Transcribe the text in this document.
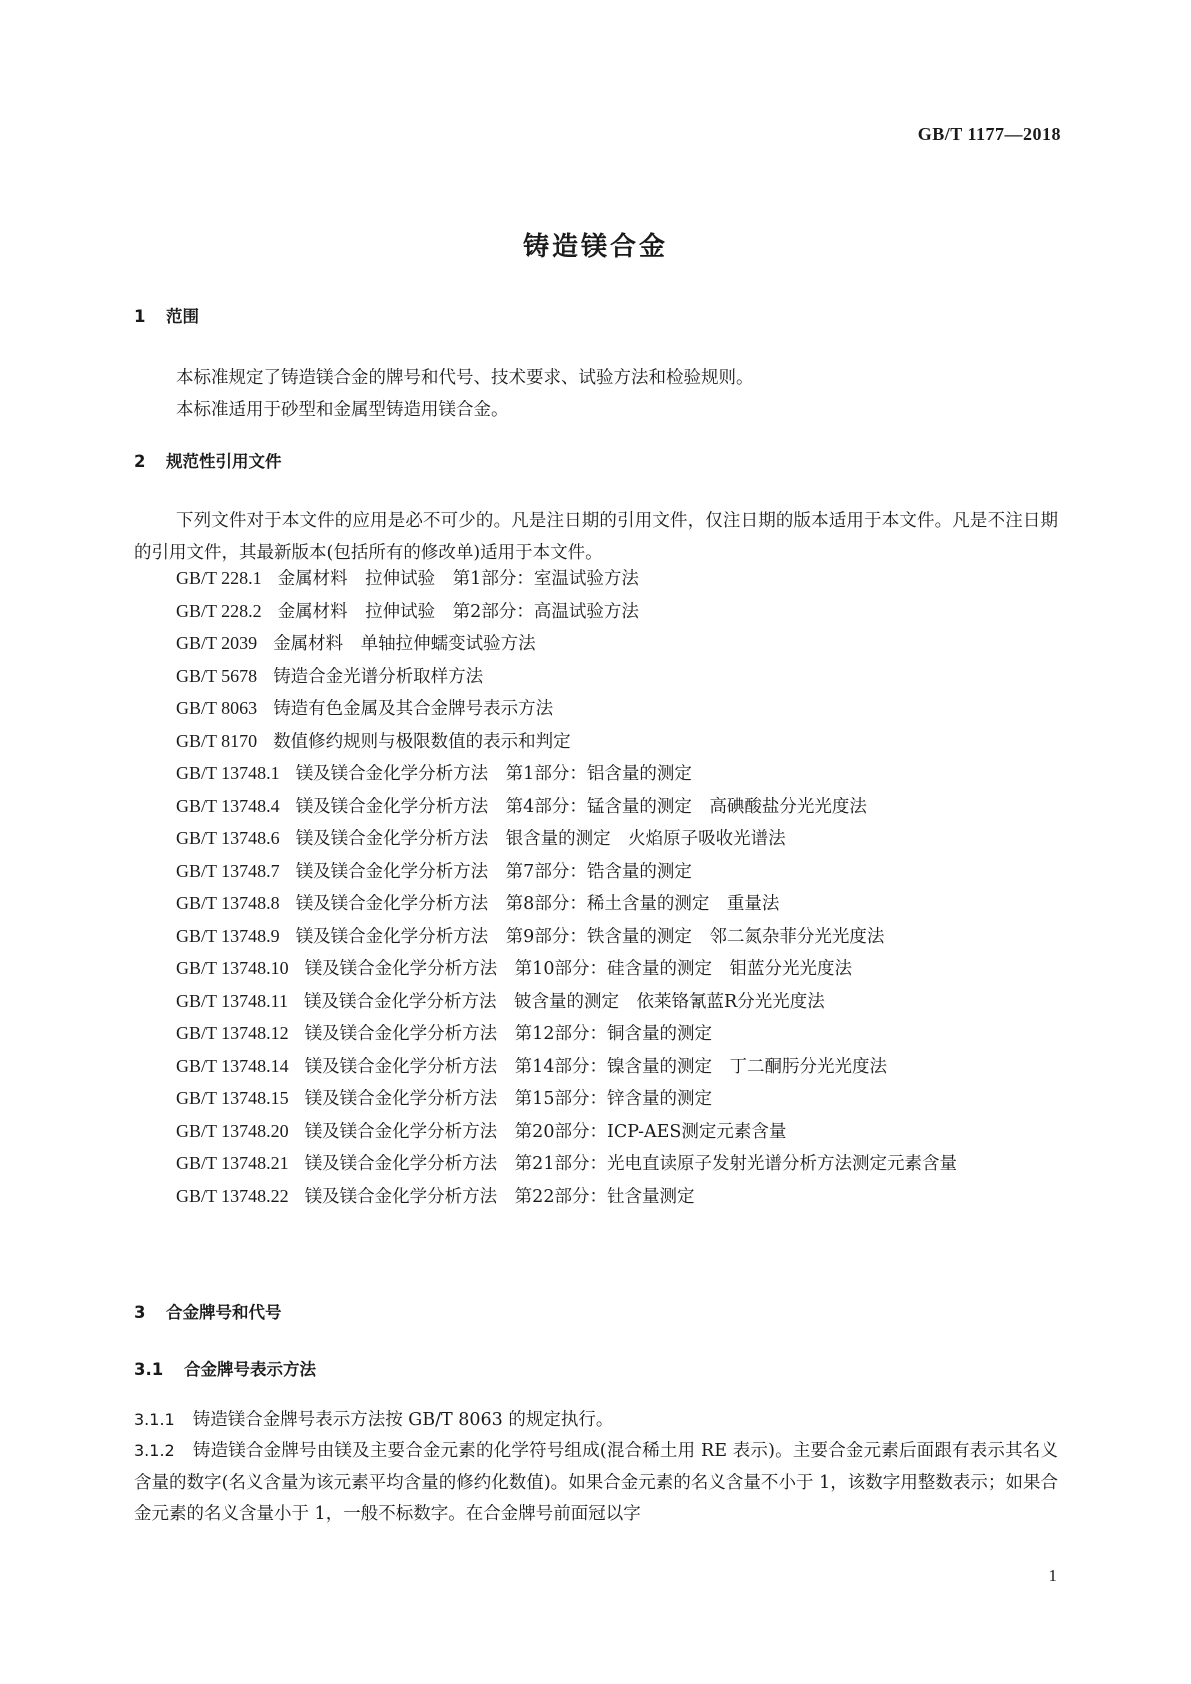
GB/T 1177—2018
铸造镁合金
1 范围
本标准规定了铸造镁合金的牌号和代号、技术要求、试验方法和检验规则。
本标准适用于砂型和金属型铸造用镁合金。
2 规范性引用文件
下列文件对于本文件的应用是必不可少的。凡是注日期的引用文件，仅注日期的版本适用于本文件。凡是不注日期的引用文件，其最新版本(包括所有的修改单)适用于本文件。
GB/T 228.1 金属材料　拉伸试验　第1部分：室温试验方法
GB/T 228.2 金属材料　拉伸试验　第2部分：高温试验方法
GB/T 2039 金属材料　单轴拉伸蠕变试验方法
GB/T 5678 铸造合金光谱分析取样方法
GB/T 8063 铸造有色金属及其合金牌号表示方法
GB/T 8170 数值修约规则与极限数值的表示和判定
GB/T 13748.1 镁及镁合金化学分析方法　第1部分：铝含量的测定
GB/T 13748.4 镁及镁合金化学分析方法　第4部分：锰含量的测定　高碘酸盐分光光度法
GB/T 13748.6 镁及镁合金化学分析方法　银含量的测定　火焰原子吸收光谱法
GB/T 13748.7 镁及镁合金化学分析方法　第7部分：锆含量的测定
GB/T 13748.8 镁及镁合金化学分析方法　第8部分：稀土含量的测定　重量法
GB/T 13748.9 镁及镁合金化学分析方法　第9部分：铁含量的测定　邻二氮杂菲分光光度法
GB/T 13748.10 镁及镁合金化学分析方法　第10部分：硅含量的测定　钼蓝分光光度法
GB/T 13748.11 镁及镁合金化学分析方法　铍含量的测定　依莱铬氰蓝R分光光度法
GB/T 13748.12 镁及镁合金化学分析方法　第12部分：铜含量的测定
GB/T 13748.14 镁及镁合金化学分析方法　第14部分：镍含量的测定　丁二酮肟分光光度法
GB/T 13748.15 镁及镁合金化学分析方法　第15部分：锌含量的测定
GB/T 13748.20 镁及镁合金化学分析方法　第20部分：ICP-AES测定元素含量
GB/T 13748.21 镁及镁合金化学分析方法　第21部分：光电直读原子发射光谱分析方法测定元素含量
GB/T 13748.22 镁及镁合金化学分析方法　第22部分：钍含量测定
3 合金牌号和代号
3.1 合金牌号表示方法
3.1.1 铸造镁合金牌号表示方法按 GB/T 8063 的规定执行。
3.1.2 铸造镁合金牌号由镁及主要合金元素的化学符号组成(混合稀土用 RE 表示)。主要合金元素后面跟有表示其名义含量的数字(名义含量为该元素平均含量的修约化数值)。如果合金元素的名义含量不小于 1，该数字用整数表示；如果合金元素的名义含量小于 1，一般不标数字。在合金牌号前面冠以字
1
